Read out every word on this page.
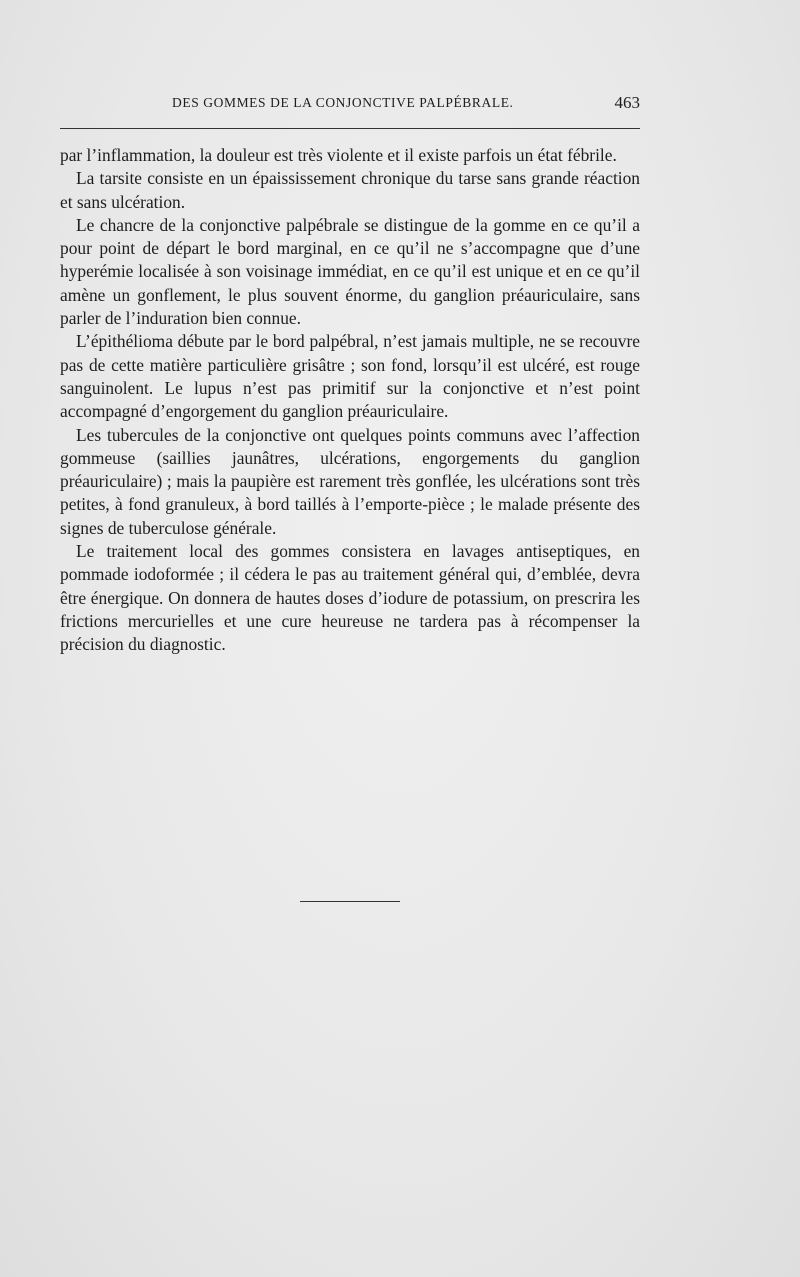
DES GOMMES DE LA CONJONCTIVE PALPÉBRALE.	463

par l’inflammation, la douleur est très violente et il existe parfois un état fébrile.

La tarsite consiste en un épaississement chronique du tarse sans grande réaction et sans ulcération.

Le chancre de la conjonctive palpébrale se distingue de la gomme en ce qu’il a pour point de départ le bord marginal, en ce qu’il ne s’accompagne que d’une hyperémie localisée à son voisinage immédiat, en ce qu’il est unique et en ce qu’il amène un gonflement, le plus souvent énorme, du ganglion préauriculaire, sans parler de l’induration bien connue.

L’épithélioma débute par le bord palpébral, n’est jamais multiple, ne se recouvre pas de cette matière particulière grisâtre ; son fond, lorsqu’il est ulcéré, est rouge sanguinolent. Le lupus n’est pas primitif sur la conjonctive et n’est point accompagné d’engorgement du ganglion préauriculaire.

Les tubercules de la conjonctive ont quelques points communs avec l’affection gommeuse (saillies jaunâtres, ulcérations, engorgements du ganglion préauriculaire) ; mais la paupière est rarement très gonflée, les ulcérations sont très petites, à fond granuleux, à bord taillés à l’emporte-pièce ; le malade présente des signes de tuberculose générale.

Le traitement local des gommes consistera en lavages antiseptiques, en pommade iodoformée ; il cédera le pas au traitement général qui, d’emblée, devra être énergique. On donnera de hautes doses d’iodure de potassium, on prescrira les frictions mercurielles et une cure heureuse ne tardera pas à récompenser la précision du diagnostic.
